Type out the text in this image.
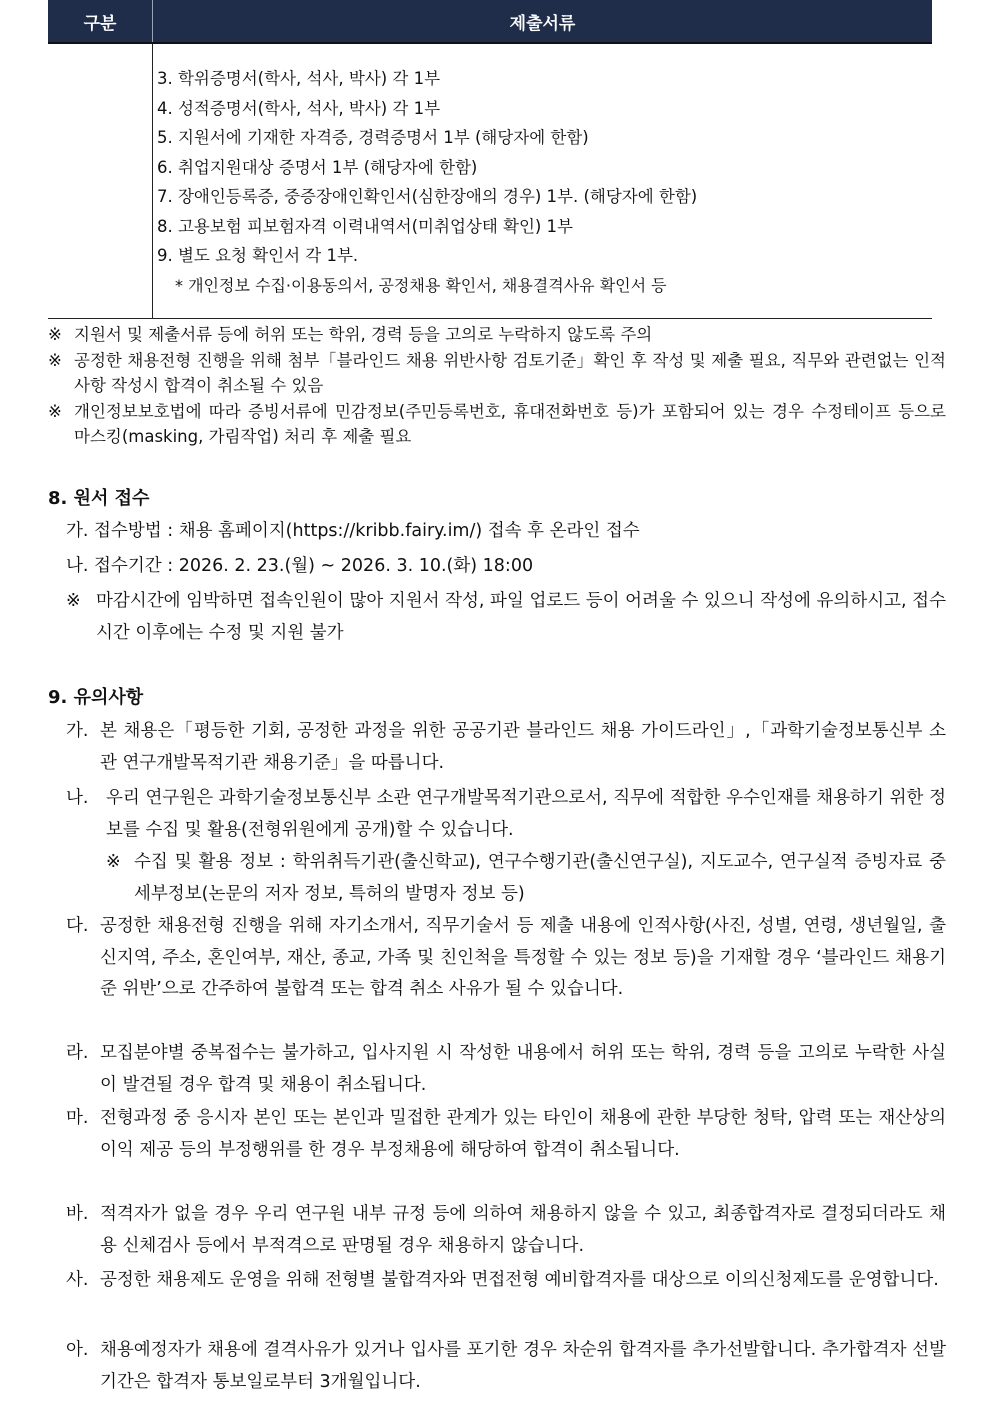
구분	제출서류
3. 학위증명서(학사, 석사, 박사) 각 1부
4. 성적증명서(학사, 석사, 박사) 각 1부
5. 지원서에 기재한 자격증, 경력증명서 1부 (해당자에 한함)
6. 취업지원대상 증명서 1부 (해당자에 한함)
7. 장애인등록증, 중증장애인확인서(심한장애의 경우) 1부. (해당자에 한함)
8. 고용보험 피보험자격 이력내역서(미취업상태 확인) 1부
9. 별도 요청 확인서 각 1부.
* 개인정보 수집·이용동의서, 공정채용 확인서, 채용결격사유 확인서 등
※ 지원서 및 제출서류 등에 허위 또는 학위, 경력 등을 고의로 누락하지 않도록 주의
※ 공정한 채용전형 진행을 위해 첨부「블라인드 채용 위반사항 검토기준」확인 후 작성 및 제출 필요, 직무와 관련없는 인적사항 작성시 합격이 취소될 수 있음
※ 개인정보보호법에 따라 증빙서류에 민감정보(주민등록번호, 휴대전화번호 등)가 포함되어 있는 경우 수정테이프 등으로 마스킹(masking, 가림작업) 처리 후 제출 필요
8. 원서 접수
가. 접수방법 : 채용 홈페이지(https://kribb.fairy.im/) 접속 후 온라인 접수
나. 접수기간 : 2026. 2. 23.(월) ~ 2026. 3. 10.(화) 18:00
※ 마감시간에 임박하면 접속인원이 많아 지원서 작성, 파일 업로드 등이 어려울 수 있으니 작성에 유의하시고, 접수시간 이후에는 수정 및 지원 불가
9. 유의사항
가. 본 채용은「평등한 기회, 공정한 과정을 위한 공공기관 블라인드 채용 가이드라인」,「과학기술정보통신부 소관 연구개발목적기관 채용기준」을 따릅니다.
나.	우리 연구원은 과학기술정보통신부 소관 연구개발목적기관으로서, 직무에 적합한 우수인재를 채용하기 위한 정보를 수집 및 활용(전형위원에게 공개)할 수 있습니다.
※ 수집 및 활용 정보 : 학위취득기관(출신학교), 연구수행기관(출신연구실), 지도교수, 연구실적 증빙자료 중 세부정보(논문의 저자 정보, 특허의 발명자 정보 등)
다. 공정한 채용전형 진행을 위해 자기소개서, 직무기술서 등 제출 내용에 인적사항(사진, 성별, 연령, 생년월일, 출신지역, 주소, 혼인여부, 재산, 종교, 가족 및 친인척을 특정할 수 있는 정보 등)을 기재할 경우 ‘블라인드 채용기준 위반’으로 간주하여 불합격 또는 합격 취소 사유가 될 수 있습니다.
라. 모집분야별 중복접수는 불가하고, 입사지원 시 작성한 내용에서 허위 또는 학위, 경력 등을 고의로 누락한 사실이 발견될 경우 합격 및 채용이 취소됩니다.
마. 전형과정 중 응시자 본인 또는 본인과 밀접한 관계가 있는 타인이 채용에 관한 부당한 청탁, 압력 또는 재산상의 이익 제공 등의 부정행위를 한 경우 부정채용에 해당하여 합격이 취소됩니다.
바. 적격자가 없을 경우 우리 연구원 내부 규정 등에 의하여 채용하지 않을 수 있고, 최종합격자로 결정되더라도 채용 신체검사 등에서 부적격으로 판명될 경우 채용하지 않습니다.
사. 공정한 채용제도 운영을 위해 전형별 불합격자와 면접전형 예비합격자를 대상으로 이의신청제도를 운영합니다.
아. 채용예정자가 채용에 결격사유가 있거나 입사를 포기한 경우 차순위 합격자를 추가선발합니다. 추가합격자 선발기간은 합격자 통보일로부터 3개월입니다.
